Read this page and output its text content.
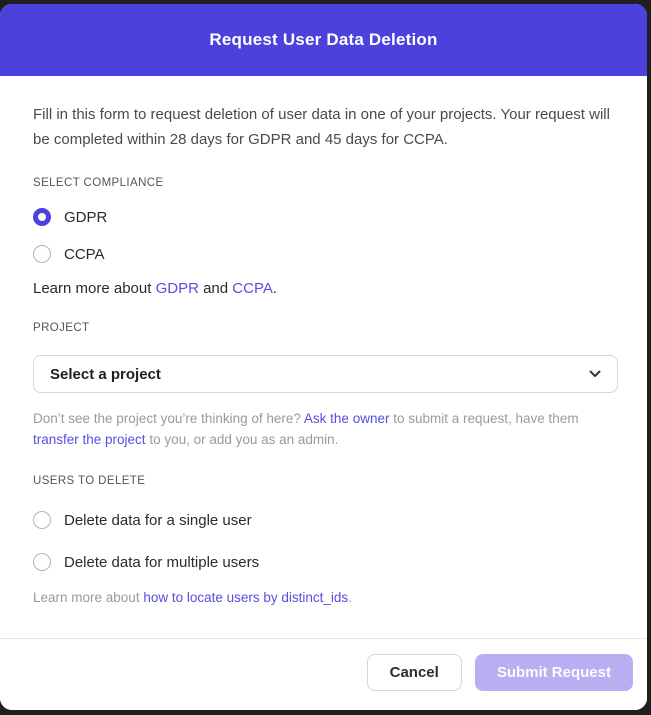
Request User Data Deletion

Fill in this form to request deletion of user data in one of your projects. Your request will be completed within 28 days for GDPR and 45 days for CCPA.

SELECT COMPLIANCE
GDPR
CCPA
Learn more about GDPR and CCPA.
PROJECT
Select a project
Don’t see the project you’re thinking of here? Ask the owner to submit a request, have them transfer the project to you, or add you as an admin.
USERS TO DELETE
Delete data for a single user
Delete data for multiple users
Learn more about how to locate users by distinct_ids.
Cancel	Submit Request
